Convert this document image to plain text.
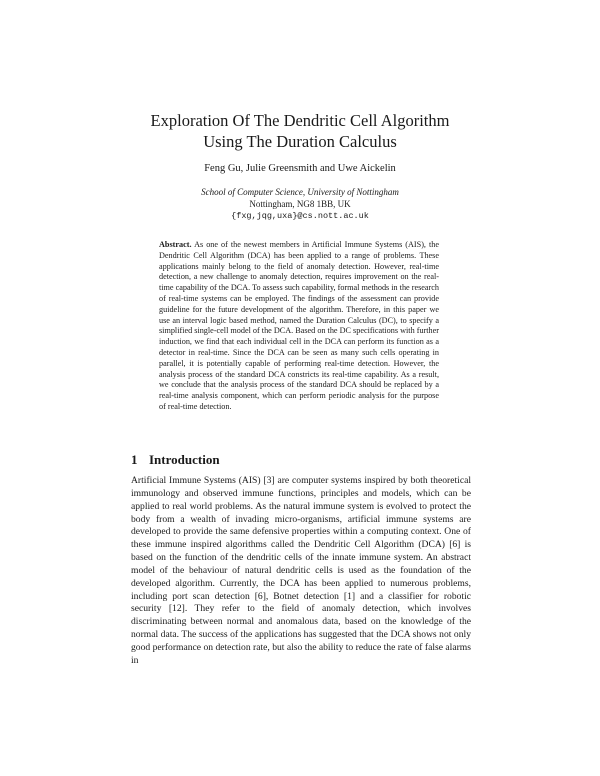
Exploration Of The Dendritic Cell Algorithm
Using The Duration Calculus
Feng Gu, Julie Greensmith and Uwe Aickelin
School of Computer Science, University of Nottingham
Nottingham, NG8 1BB, UK
{fxg,jqg,uxa}@cs.nott.ac.uk
Abstract. As one of the newest members in Artificial Immune Systems (AIS), the Dendritic Cell Algorithm (DCA) has been applied to a range of problems. These applications mainly belong to the field of anomaly detection. However, real-time detection, a new challenge to anomaly detection, requires improvement on the real-time capability of the DCA. To assess such capability, formal methods in the research of real-time systems can be employed. The findings of the assessment can provide guideline for the future development of the algorithm. Therefore, in this paper we use an interval logic based method, named the Duration Calculus (DC), to specify a simplified single-cell model of the DCA. Based on the DC specifications with further induction, we find that each individual cell in the DCA can perform its function as a detector in real-time. Since the DCA can be seen as many such cells operating in parallel, it is potentially capable of performing real-time detection. However, the analysis process of the standard DCA constricts its real-time capability. As a result, we conclude that the analysis process of the standard DCA should be replaced by a real-time analysis component, which can perform periodic analysis for the purpose of real-time detection.
1 Introduction
Artificial Immune Systems (AIS) [3] are computer systems inspired by both theoretical immunology and observed immune functions, principles and models, which can be applied to real world problems. As the natural immune system is evolved to protect the body from a wealth of invading micro-organisms, artificial immune systems are developed to provide the same defensive properties within a computing context. One of these immune inspired algorithms called the Dendritic Cell Algorithm (DCA) [6] is based on the function of the dendritic cells of the innate immune system. An abstract model of the behaviour of natural dendritic cells is used as the foundation of the developed algorithm. Currently, the DCA has been applied to numerous problems, including port scan detection [6], Botnet detection [1] and a classifier for robotic security [12]. They refer to the field of anomaly detection, which involves discriminating between normal and anomalous data, based on the knowledge of the normal data. The success of the applications has suggested that the DCA shows not only good performance on detection rate, but also the ability to reduce the rate of false alarms in
